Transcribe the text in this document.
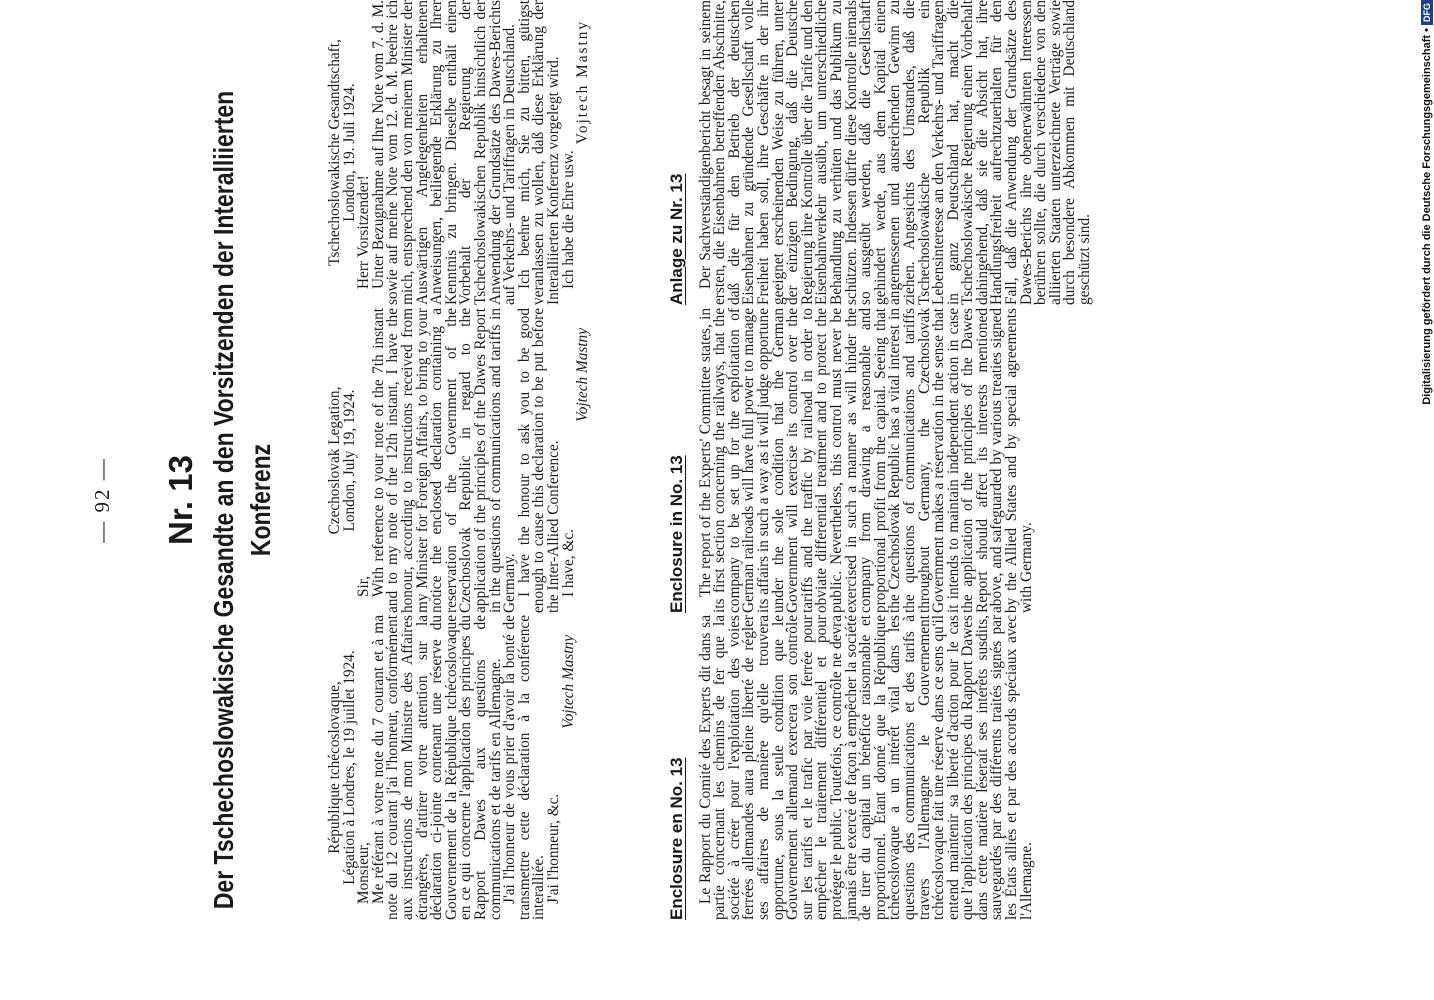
— 92 — Nr. 13 Der Tschechoslowakische Gesandte an den Vorsitzenden der Interalliierten Konferenz
République tchécoslovaque,
Légation à Londres, le 19 juillet 1924.

Monsieur,

Me référant à votre note du 7 courant et à ma note du 12 courant j'ai l'honneur, conformément aux instructions de mon Ministre des Affaires étrangères, d'attirer votre attention sur la déclaration ci-jointe contenant une réserve du Gouvernement de la République tchécoslovaque en ce qui concerne l'application des principes du Rapport Dawes aux questions de communications et de tarifs en Allemagne.

J'ai l'honneur de vous prier d'avoir la bonté de transmettre cette déclaration à la conférence interalliée.

J'ai l'honneur, &c.

Vojtech Mastny

Czechoslovak Legation,
London, July 19, 1924.

Sir,

With reference to your note of the 7th instant and to my note of the 12th instant, I have the honour, according to instructions received from my Minister for Foreign Affairs, to bring to your notice the enclosed declaration containing a reservation of the Government of the Czechoslovak Republic in regard to the application of the principles of the Dawes Report in the questions of communications and tariffs in Germany.

I have the honour to ask you to be good enough to cause this declaration to be put before the Inter-Allied Conference.

I have, &c.

Vojtech Mastny

Tschechoslowakische Gesandtschaft,
London, 19. Juli 1924.

Herr Vorsitzender!

Unter Bezugnahme auf Ihre Note vom 7. d. M. sowie auf meine Note vom 12. d. M. beehre ich mich, entsprechend den von meinem Minister der Auswärtigen Angelegenheiten erhaltenen Anweisungen, beiliegende Erklärung zu Ihrer Kenntnis zu bringen. Dieselbe enthält einen Vorbehalt der Regierung der Tschechoslowakischen Republik hinsichtlich der Anwendung der Grundsätze des Dawes-Berichts auf Verkehrs- und Tariffragen in Deutschland.

Ich beehre mich, Sie zu bitten, gütigst veranlassen zu wollen, daß diese Erklärung der Interalliierten Konferenz vorgelegt wird.

Ich habe die Ehre usw.

Vojtech Mastny

Enclosure en No. 13 Le Rapport du Comité des Experts dit dans sa partie concernant les chemins de fer que la société à créer pour l'exploitation des voies ferrées allemandes aura pleine liberté de régler ses affaires de manière qu'elle trouvera opportune, sous la seule condition que le Gouvernement allemand exercera son contrôle sur les tarifs et le trafic par voie ferrée pour empêcher le traitement différentiel et pour protéger le public. Toutefois, ce contrôle ne devra jamais être exercé de façon à empêcher la société de tirer du capital un bénéfice raisonnable et proportionnel. Étant donné que la République tchécoslovaque a un intérêt vital dans les questions des communications et des tarifs à travers l'Allemagne le Gouvernement tchécoslovaque fait une réserve dans ce sens qu'il entend maintenir sa liberté d'action pour le cas que l'application des principes du Rapport Dawes dans cette matière léserait ses intérêts susdits, sauvegardés par des différents traités signés par les États alliés et par des accords spéciaux avec l'Allemagne.

Enclosure in No. 13 The report of the Experts' Committee states, in its first section concerning the railways, that the company to be set up for the exploitation of German railroads will have full power to manage its affairs in such a way as it will judge opportune under the sole condition that the German Government will exercise its control over the tariffs and the traffic by railroad in order to obviate differential treatment and to protect the public. Nevertheless, this control must never be exercised in such a manner as will hinder the company from drawing a reasonable and proportional profit from the capital. Seeing that the Czechoslovak Republic has a vital interest in the questions of communications and tariffs throughout Germany, the Czechoslovak Government makes a reservation in the sense that it intends to maintain independent action in case the application of the principles of the Dawes Report should affect its interests mentioned above, and safeguarded by various treaties signed by the Allied States and by special agreements with Germany.

Anlage zu Nr. 13 Der Sachverständigenbericht besagt in seinem ersten, die Eisenbahnen betreffenden Abschnitte, daß die für den Betrieb der deutschen Eisenbahnen zu gründende Gesellschaft volle Freiheit haben soll, ihre Geschäfte in der ihr geeignet erscheinenden Weise zu führen, unter der einzigen Bedingung, daß die Deutsche Regierung ihre Kontrolle über die Tarife und den Eisenbahnverkehr ausübt, um unterschiedliche Behandlung zu verhüten und das Publikum zu schützen. Indessen dürfte diese Kontrolle niemals so ausgeübt werden, daß die Gesellschaft gehindert werde, aus dem Kapital einen angemessenen und ausreichenden Gewinn zu ziehen. Angesichts des Umstandes, daß die Tschechoslowakische Republik ein Lebensinteresse an den Verkehrs- und Tariffragen in ganz Deutschland hat, macht die Tschechoslowakische Regierung einen Vorbehalt dahingehend, daß sie die Absicht hat, ihre Handlungsfreiheit aufrechtzuerhalten für den Fall, daß die Anwendung der Grundsätze des Dawes-Berichts ihre obenerwähnten Interessen berühren sollte, die durch verschiedene von den alliierten Staaten unterzeichnete Verträge sowie durch besondere Abkommen mit Deutschland geschützt sind.	Digitalisierung gefördert durch die Deutsche Forschungsgemeinschaft •
DFG
